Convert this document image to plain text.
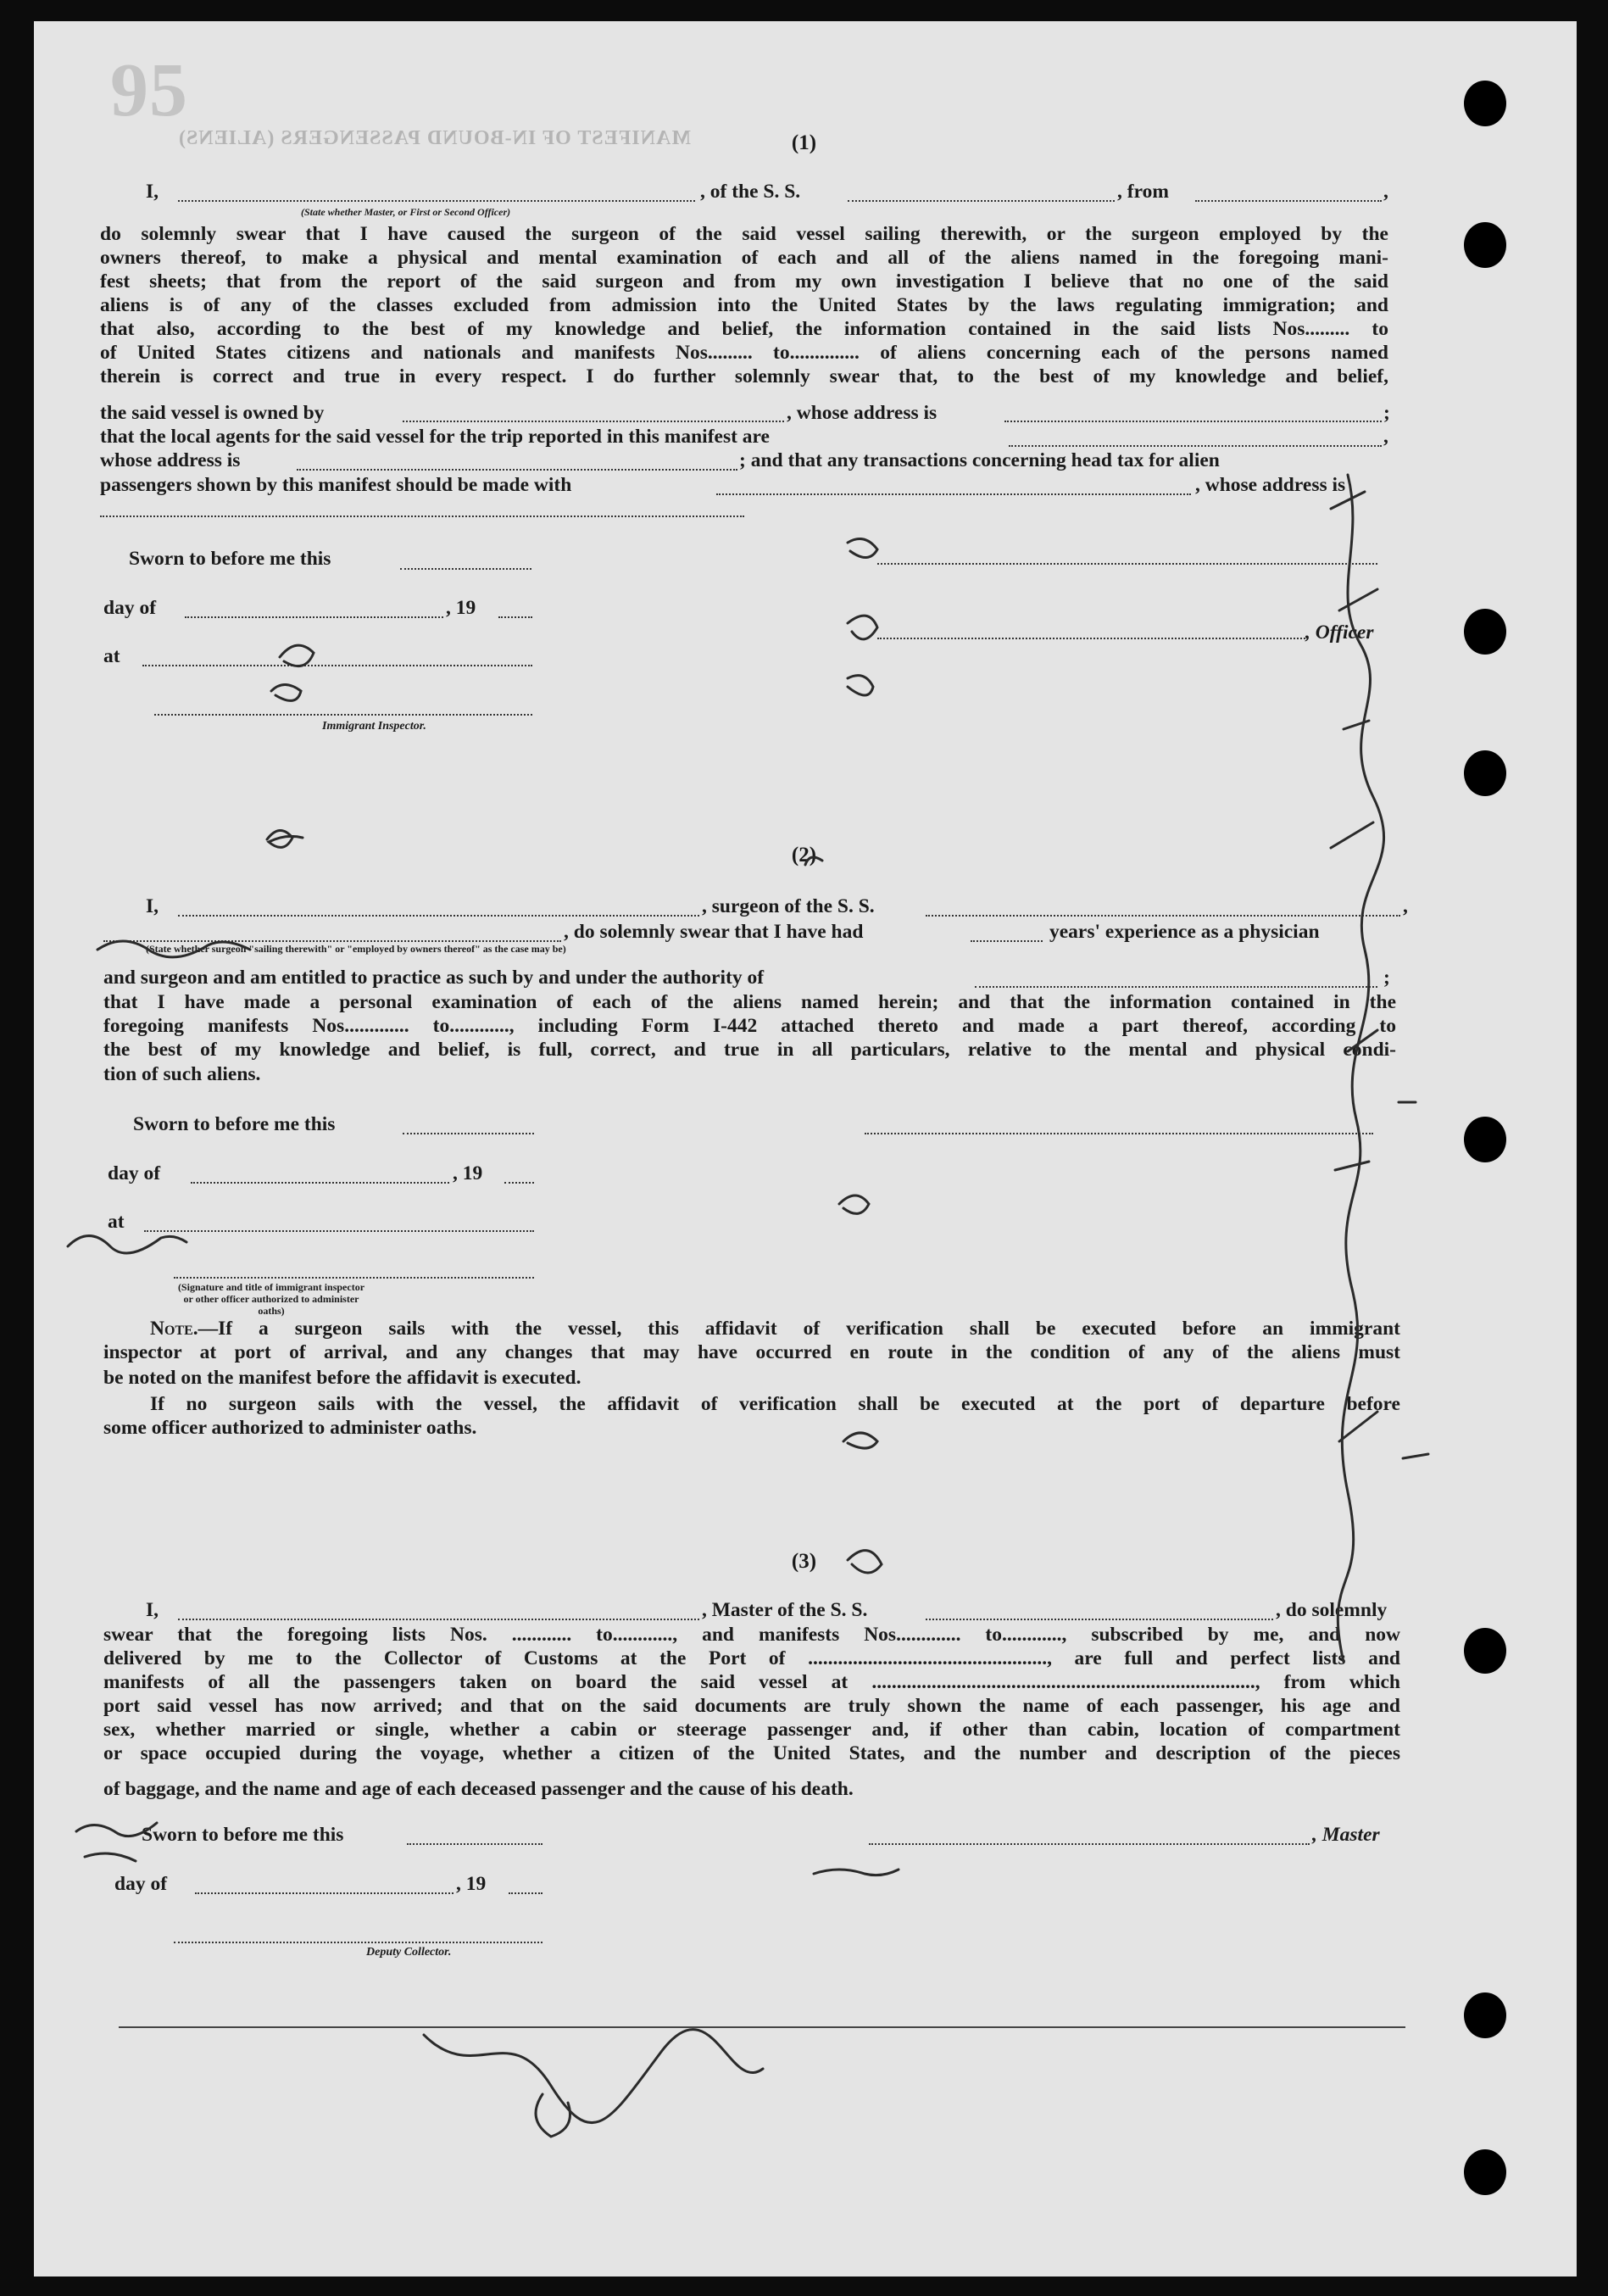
MANIFEST OF IN-BOUND PASSENGERS (ALIENS)
95
(1)
I,	, of the S. S.	, from	,
(State whether Master, or First or Second Officer)
do solemnly swear that I have caused the surgeon of the said vessel sailing therewith, or the surgeon employed by the
owners thereof, to make a physical and mental examination of each and all of the aliens named in the foregoing mani-
fest sheets; that from the report of the said surgeon and from my own investigation I believe that no one of the said
aliens is of any of the classes excluded from admission into the United States by the laws regulating immigration; and
that also, according to the best of my knowledge and belief, the information contained in the said lists Nos......... to
of United States citizens and nationals and manifests Nos......... to.............. of aliens concerning each of the persons named
therein is correct and true in every respect. I do further solemnly swear that, to the best of my knowledge and belief,
the said vessel is owned by	, whose address is	;
that the local agents for the said vessel for the trip reported in this manifest are	,
whose address is	; and that any transactions concerning head tax for alien
passengers shown by this manifest should be made with	, whose address is
Sworn to before me this
day of	, 19
at
Immigrant Inspector.
, Officer
(2)
I,	, surgeon of the S. S.	,
, do solemnly swear that I have had	years' experience as a physician
(State whether surgeon "sailing therewith" or "employed by owners thereof" as the case may be)
and surgeon and am entitled to practice as such by and under the authority of	;
that I have made a personal examination of each of the aliens named herein; and that the information contained in the
foregoing manifests Nos............. to............, including Form I-442 attached thereto and made a part thereof, according to
the best of my knowledge and belief, is full, correct, and true in all particulars, relative to the mental and physical condi-
tion of such aliens.
Sworn to before me this
day of	, 19
at
(Signature and title of immigrant inspector or other officer authorized to administer oaths)
Note.—If a surgeon sails with the vessel, this affidavit of verification shall be executed before an immigrant
inspector at port of arrival, and any changes that may have occurred en route in the condition of any of the aliens must
be noted on the manifest before the affidavit is executed.
If no surgeon sails with the vessel, the affidavit of verification shall be executed at the port of departure before
some officer authorized to administer oaths.
(3)
I,	, Master of the S. S.	, do solemnly
swear that the foregoing lists Nos. ............ to............, and manifests Nos............. to............, subscribed by me, and now
delivered by me to the Collector of Customs at the Port of ................................................, are full and perfect lists and
manifests of all the passengers taken on board the said vessel at ............................................................................., from which
port said vessel has now arrived; and that on the said documents are truly shown the name of each passenger, his age and
sex, whether married or single, whether a cabin or steerage passenger and, if other than cabin, location of compartment
or space occupied during the voyage, whether a citizen of the United States, and the number and description of the pieces
of baggage, and the name and age of each deceased passenger and the cause of his death.
Sworn to before me this	, Master
day of	, 19
Deputy Collector.
